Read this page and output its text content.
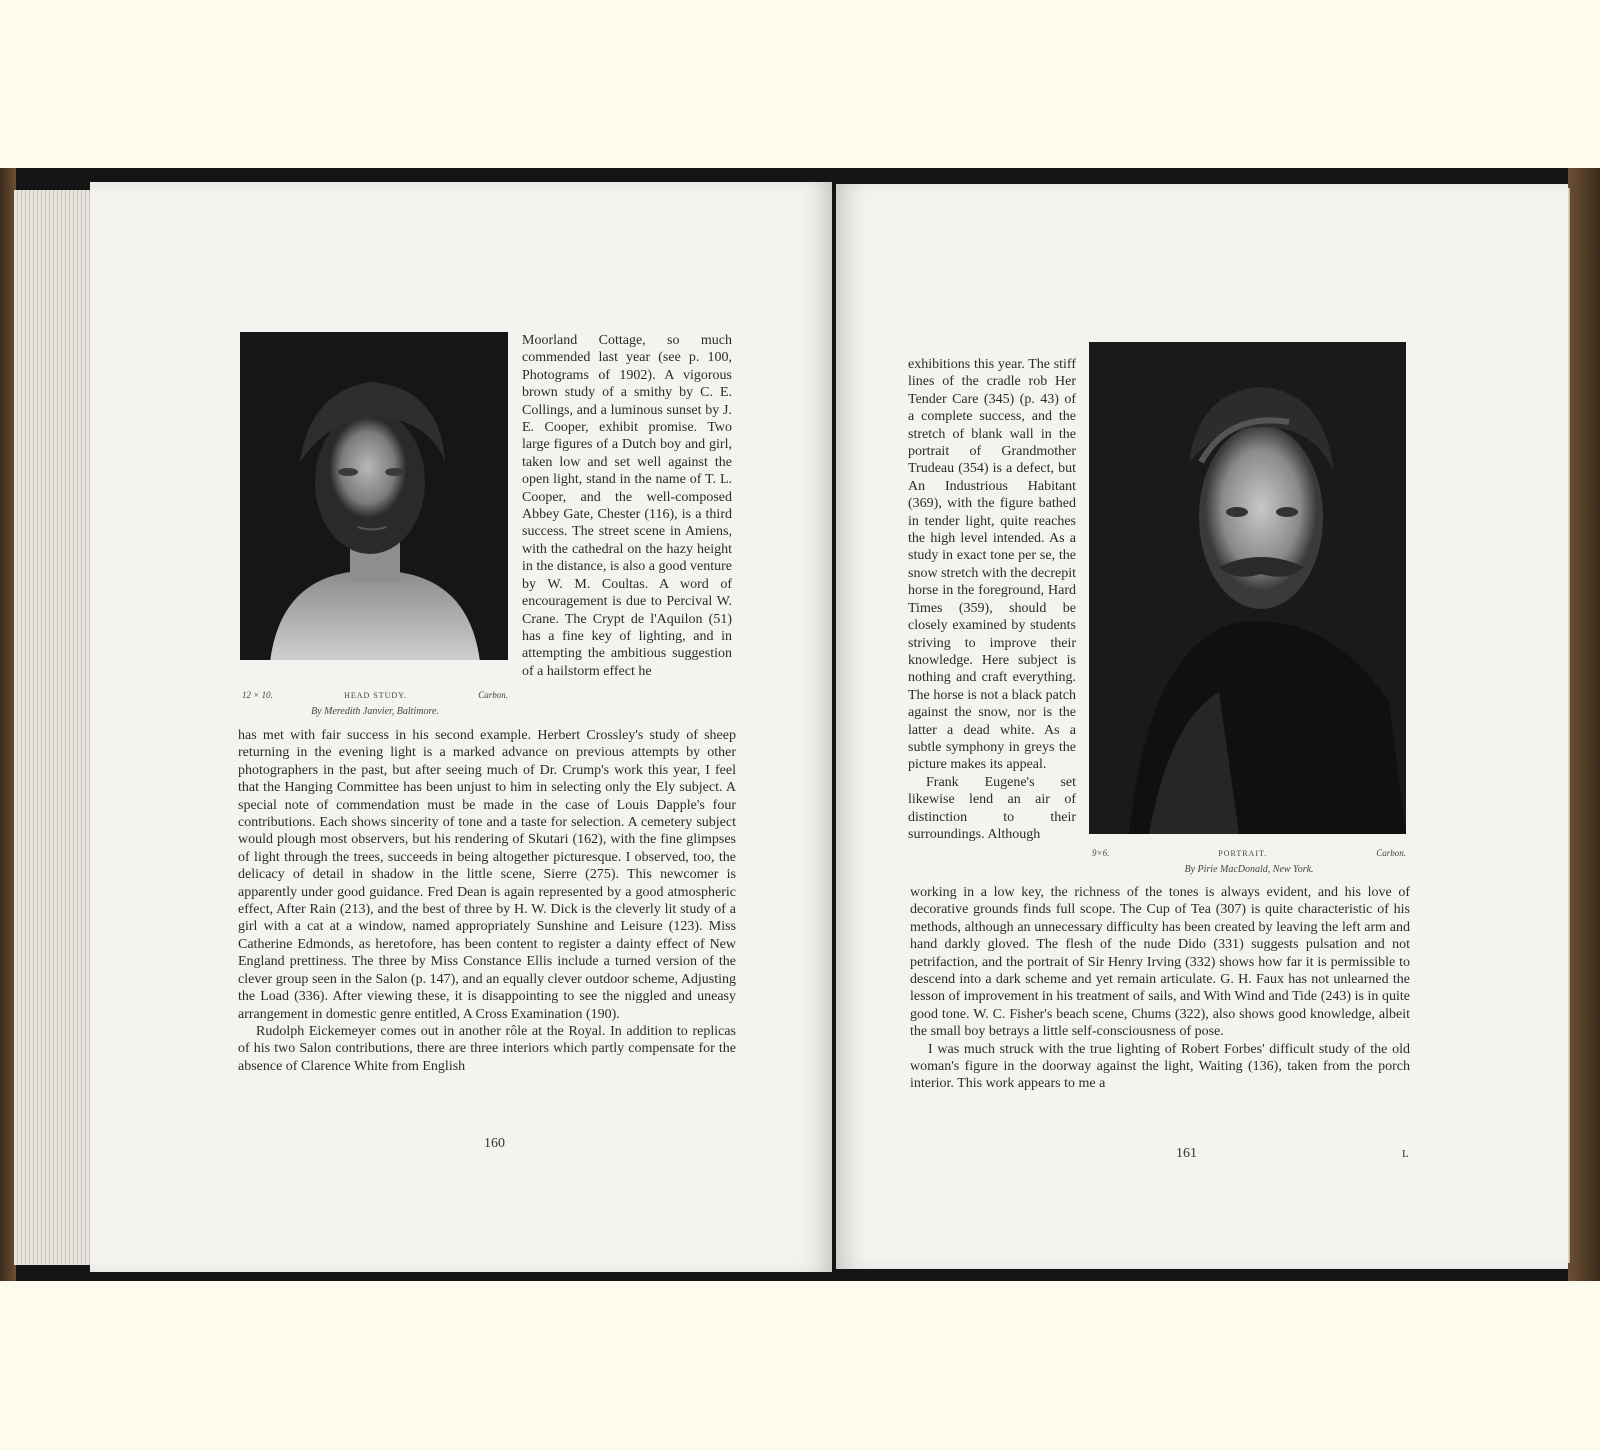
12 × 10.	HEAD STUDY.	Carbon.
By Meredith Janvier, Baltimore.

Moorland Cottage, so much commended last year (see p. 100, Photograms of 1902). A vigorous brown study of a smithy by C. E. Collings, and a luminous sunset by J. E. Cooper, exhibit promise. Two large figures of a Dutch boy and girl, taken low and set well against the open light, stand in the name of T. L. Cooper, and the well-composed Abbey Gate, Chester (116), is a third success. The street scene in Amiens, with the cathedral on the hazy height in the distance, is also a good venture by W. M. Coultas. A word of encouragement is due to Percival W. Crane. The Crypt de l'Aquilon (51) has a fine key of lighting, and in attempting the ambitious suggestion of a hailstorm effect he

has met with fair success in his second example. Herbert Crossley's study of sheep returning in the evening light is a marked advance on previous attempts by other photographers in the past, but after seeing much of Dr. Crump's work this year, I feel that the Hanging Committee has been unjust to him in selecting only the Ely subject. A special note of commendation must be made in the case of Louis Dapple's four contributions. Each shows sincerity of tone and a taste for selection. A cemetery subject would plough most observers, but his rendering of Skutari (162), with the fine glimpses of light through the trees, succeeds in being altogether picturesque. I observed, too, the delicacy of detail in shadow in the little scene, Sierre (275). This newcomer is apparently under good guidance. Fred Dean is again represented by a good atmospheric effect, After Rain (213), and the best of three by H. W. Dick is the cleverly lit study of a girl with a cat at a window, named appropriately Sunshine and Leisure (123). Miss Catherine Edmonds, as heretofore, has been content to register a dainty effect of New England prettiness. The three by Miss Constance Ellis include a turned version of the clever group seen in the Salon (p. 147), and an equally clever outdoor scheme, Adjusting the Load (336). After viewing these, it is disappointing to see the niggled and uneasy arrangement in domestic genre entitled, A Cross Examination (190).

Rudolph Eickemeyer comes out in another rôle at the Royal. In addition to replicas of his two Salon contributions, there are three interiors which partly compensate for the absence of Clarence White from English

160

exhibitions this year. The stiff lines of the cradle rob Her Tender Care (345) (p. 43) of a complete success, and the stretch of blank wall in the portrait of Grandmother Trudeau (354) is a defect, but An Industrious Habitant (369), with the figure bathed in tender light, quite reaches the high level intended. As a study in exact tone per se, the snow stretch with the decrepit horse in the foreground, Hard Times (359), should be closely examined by students striving to improve their knowledge. Here subject is nothing and craft everything. The horse is not a black patch against the snow, nor is the latter a dead white. As a subtle symphony in greys the picture makes its appeal.

Frank Eugene's set likewise lend an air of distinction to their surroundings. Although

9×6.	PORTRAIT.	Carbon.
By Pirie MacDonald, New York.

working in a low key, the richness of the tones is always evident, and his love of decorative grounds finds full scope. The Cup of Tea (307) is quite characteristic of his methods, although an unnecessary difficulty has been created by leaving the left arm and hand darkly gloved. The flesh of the nude Dido (331) suggests pulsation and not petrifaction, and the portrait of Sir Henry Irving (332) shows how far it is permissible to descend into a dark scheme and yet remain articulate. G. H. Faux has not unlearned the lesson of improvement in his treatment of sails, and With Wind and Tide (243) is in quite good tone. W. C. Fisher's beach scene, Chums (322), also shows good knowledge, albeit the small boy betrays a little self-consciousness of pose.

I was much struck with the true lighting of Robert Forbes' difficult study of the old woman's figure in the doorway against the light, Waiting (136), taken from the porch interior. This work appears to me a

161	L
